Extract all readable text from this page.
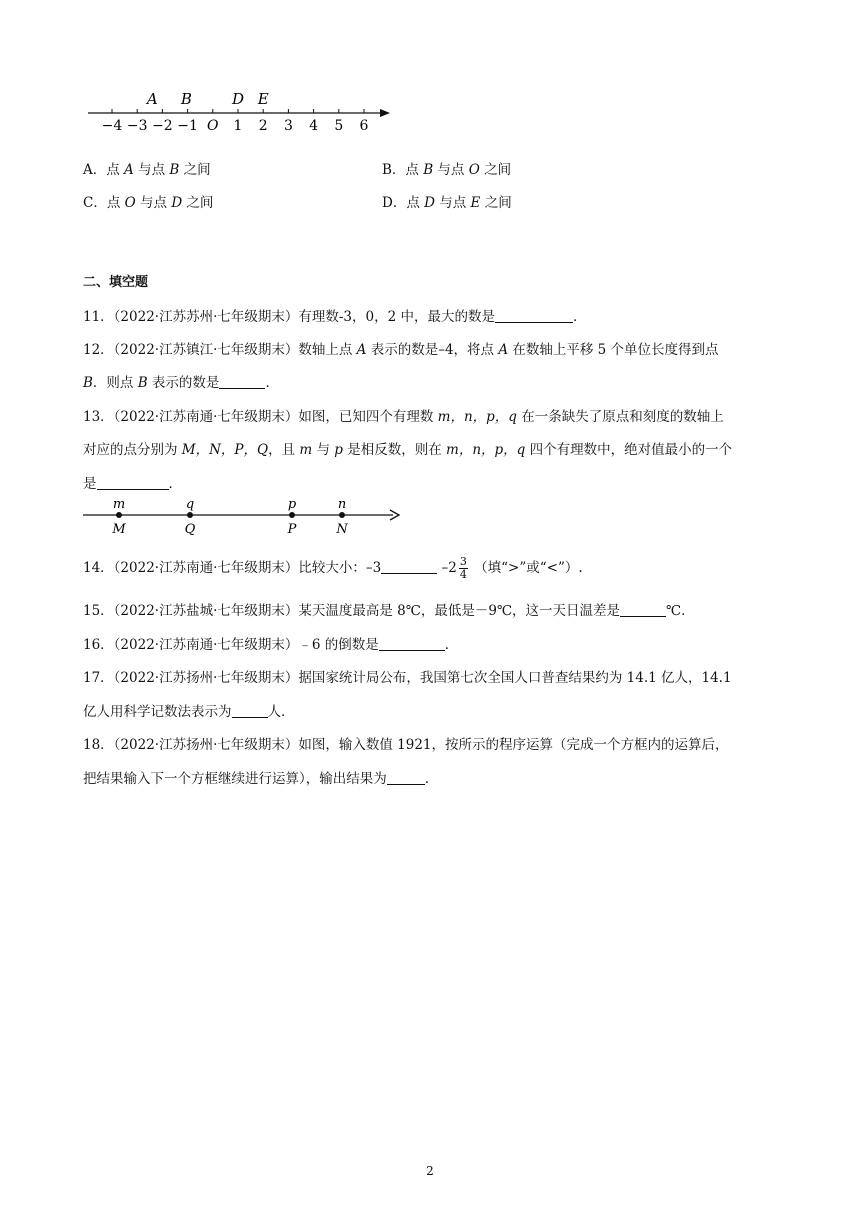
−4 −3 −2 −1 O 1 2 3 4 5 6
A B	D E
A．点 A 与点 B 之间	B．点 B 与点 O 之间
C．点 O 与点 D 之间	D．点 D 与点 E 之间
二、填空题
11．（2022·江苏苏州·七年级期末）有理数-3，0，2 中，最大的数是	．
12．（2022·江苏镇江·七年级期末）数轴上点 A 表示的数是–4，将点 A 在数轴上平移 5 个单位长度得到点
B．则点 B 表示的数是	．
13．（2022·江苏南通·七年级期末）如图，已知四个有理数 m，n，p，q 在一条缺失了原点和刻度的数轴上
对应的点分别为 M，N，P，Q，且 m 与 p 是相反数，则在 m，n，p，q 四个有理数中，绝对值最小的一个
是	．
m
M
q
Q
p
P
n
N
14．（2022·江苏南通·七年级期末）比较大小：–3	$-2 \frac{3}{4}$ （填“>”或“<”）.
15．（2022·江苏盐城·七年级期末）某天温度最高是 8℃，最低是－9℃，这一天日温差是	℃．
16．（2022·江苏南通·七年级期末）﹣6 的倒数是	．
17．（2022·江苏扬州·七年级期末）据国家统计局公布，我国第七次全国人口普查结果约为 14.1 亿人，14.1
亿人用科学记数法表示为	人．
18．（2022·江苏扬州·七年级期末）如图，输入数值 1921，按所示的程序运算（完成一个方框内的运算后，
把结果输入下一个方框继续进行运算），输出结果为	．
2
